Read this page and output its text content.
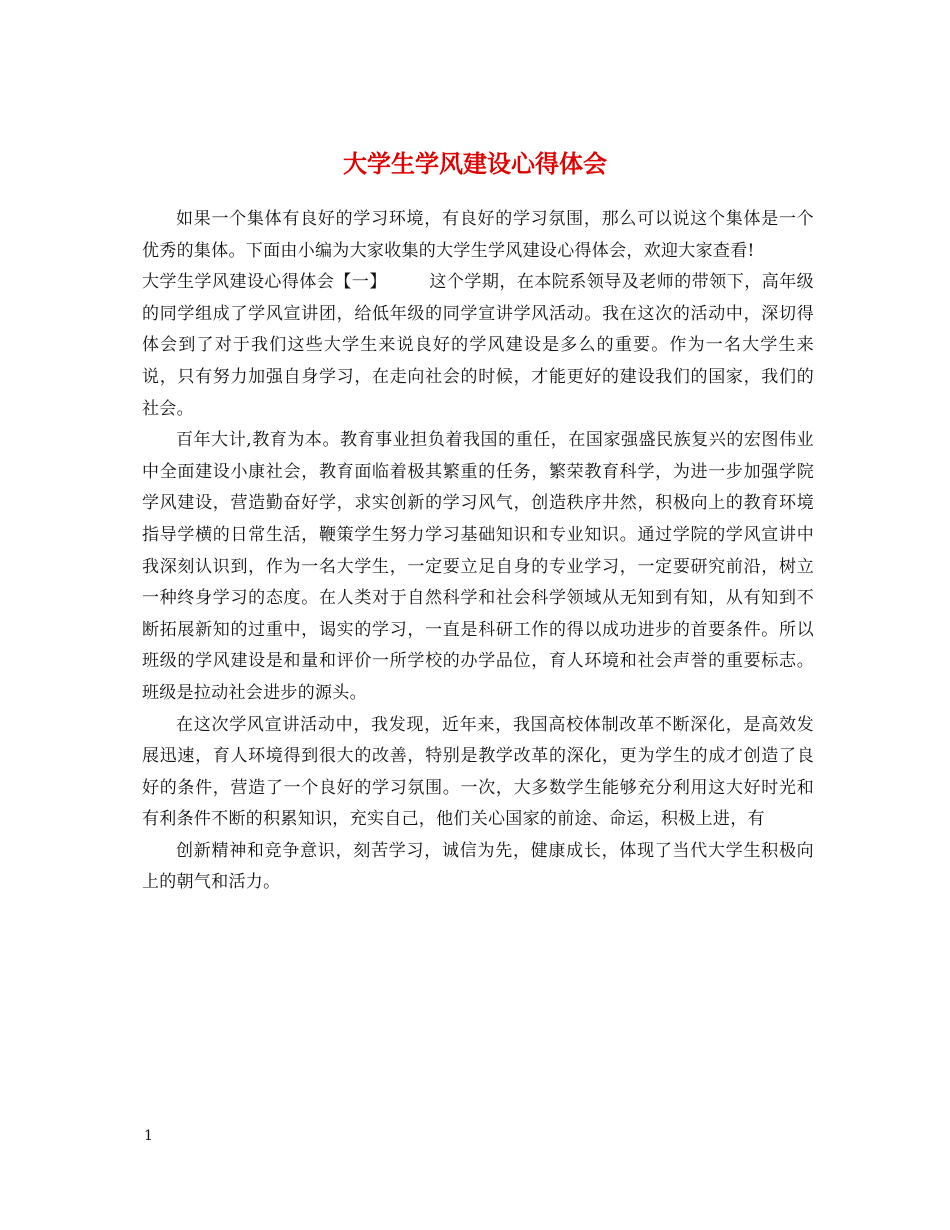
大学生学风建设心得体会

如果一个集体有良好的学习环境，有良好的学习氛围，那么可以说这个集体是一个优秀的集体。下面由小编为大家收集的大学生学风建设心得体会，欢迎大家查看!

大学生学风建设心得体会【一】	这个学期，在本院系领导及老师的带领下，高年级的同学组成了学风宣讲团，给低年级的同学宣讲学风活动。我在这次的活动中，深切得体会到了对于我们这些大学生来说良好的学风建设是多么的重要。作为一名大学生来说，只有努力加强自身学习，在走向社会的时候，才能更好的建设我们的国家，我们的社会。

百年大计,教育为本。教育事业担负着我国的重任，在国家强盛民族复兴的宏图伟业中全面建设小康社会，教育面临着极其繁重的任务，繁荣教育科学，为进一步加强学院学风建设，营造勤奋好学，求实创新的学习风气，创造秩序井然，积极向上的教育环境指导学横的日常生活，鞭策学生努力学习基础知识和专业知识。通过学院的学风宣讲中我深刻认识到，作为一名大学生，一定要立足自身的专业学习，一定要研究前沿，树立一种终身学习的态度。在人类对于自然科学和社会科学领域从无知到有知，从有知到不断拓展新知的过重中，谒实的学习，一直是科研工作的得以成功进步的首要条件。所以班级的学风建设是和量和评价一所学校的办学品位，育人环境和社会声誉的重要标志。班级是拉动社会进步的源头。

在这次学风宣讲活动中，我发现，近年来，我国高校体制改革不断深化，是高效发展迅速，育人环境得到很大的改善，特别是教学改革的深化，更为学生的成才创造了良好的条件，营造了一个良好的学习氛围。一次，大多数学生能够充分利用这大好时光和有利条件不断的积累知识，充实自己，他们关心国家的前途、命运，积极上进，有

创新精神和竞争意识，刻苦学习，诚信为先，健康成长，体现了当代大学生积极向上的朝气和活力。

1
